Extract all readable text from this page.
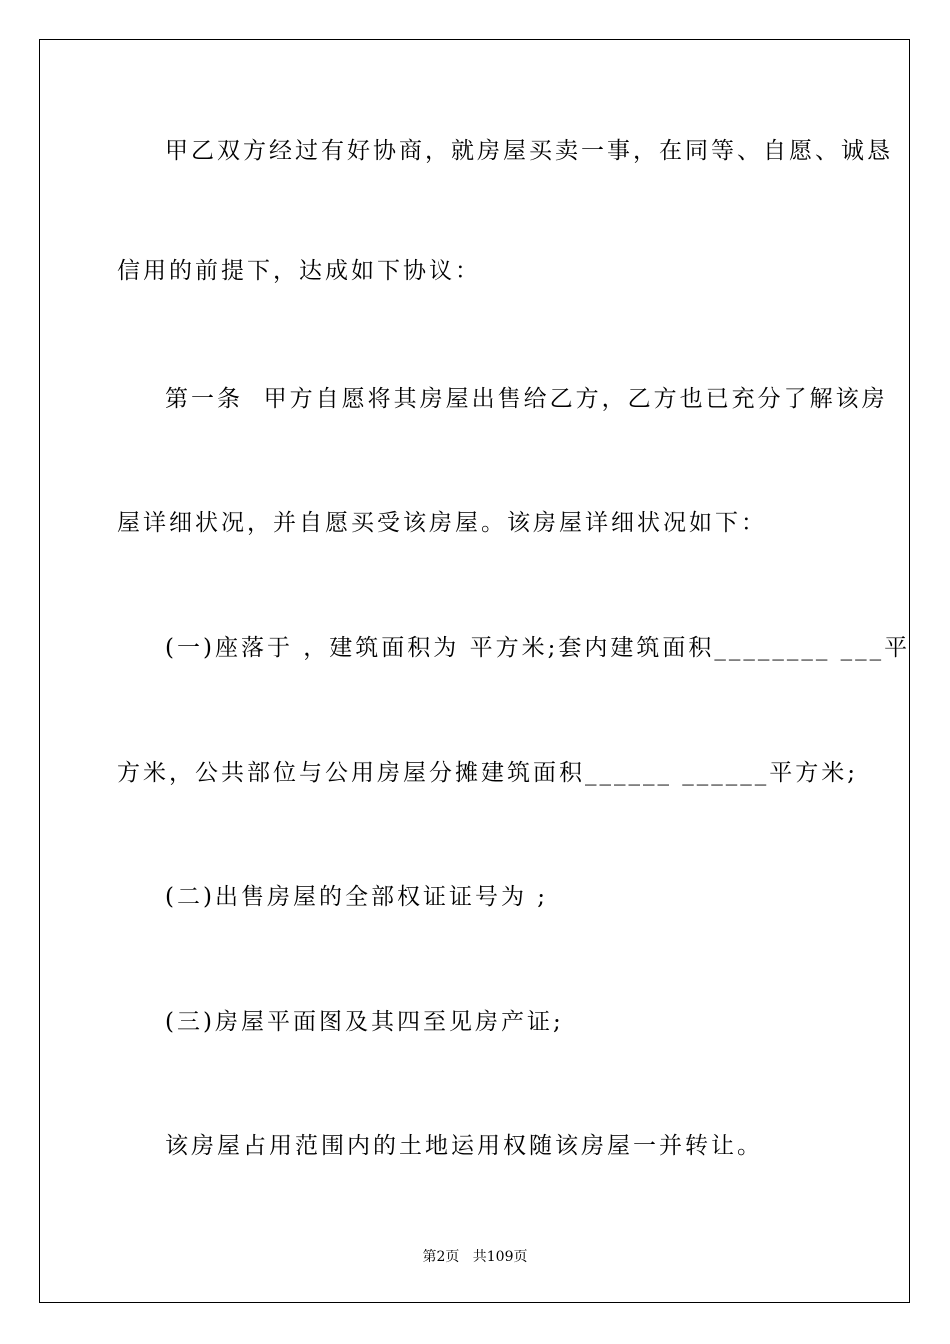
甲乙双方经过有好协商，就房屋买卖一事，在同等、自愿、诚恳
信用的前提下，达成如下协议：
第一条  甲方自愿将其房屋出售给乙方，乙方也已充分了解该房
屋详细状况，并自愿买受该房屋。该房屋详细状况如下：
(一)座落于 ，建筑面积为 平方米;套内建筑面积________ ___平
方米，公共部位与公用房屋分摊建筑面积______ ______平方米;
(二)出售房屋的全部权证证号为 ;
(三)房屋平面图及其四至见房产证;
该房屋占用范围内的土地运用权随该房屋一并转让。
第2页   共109页
